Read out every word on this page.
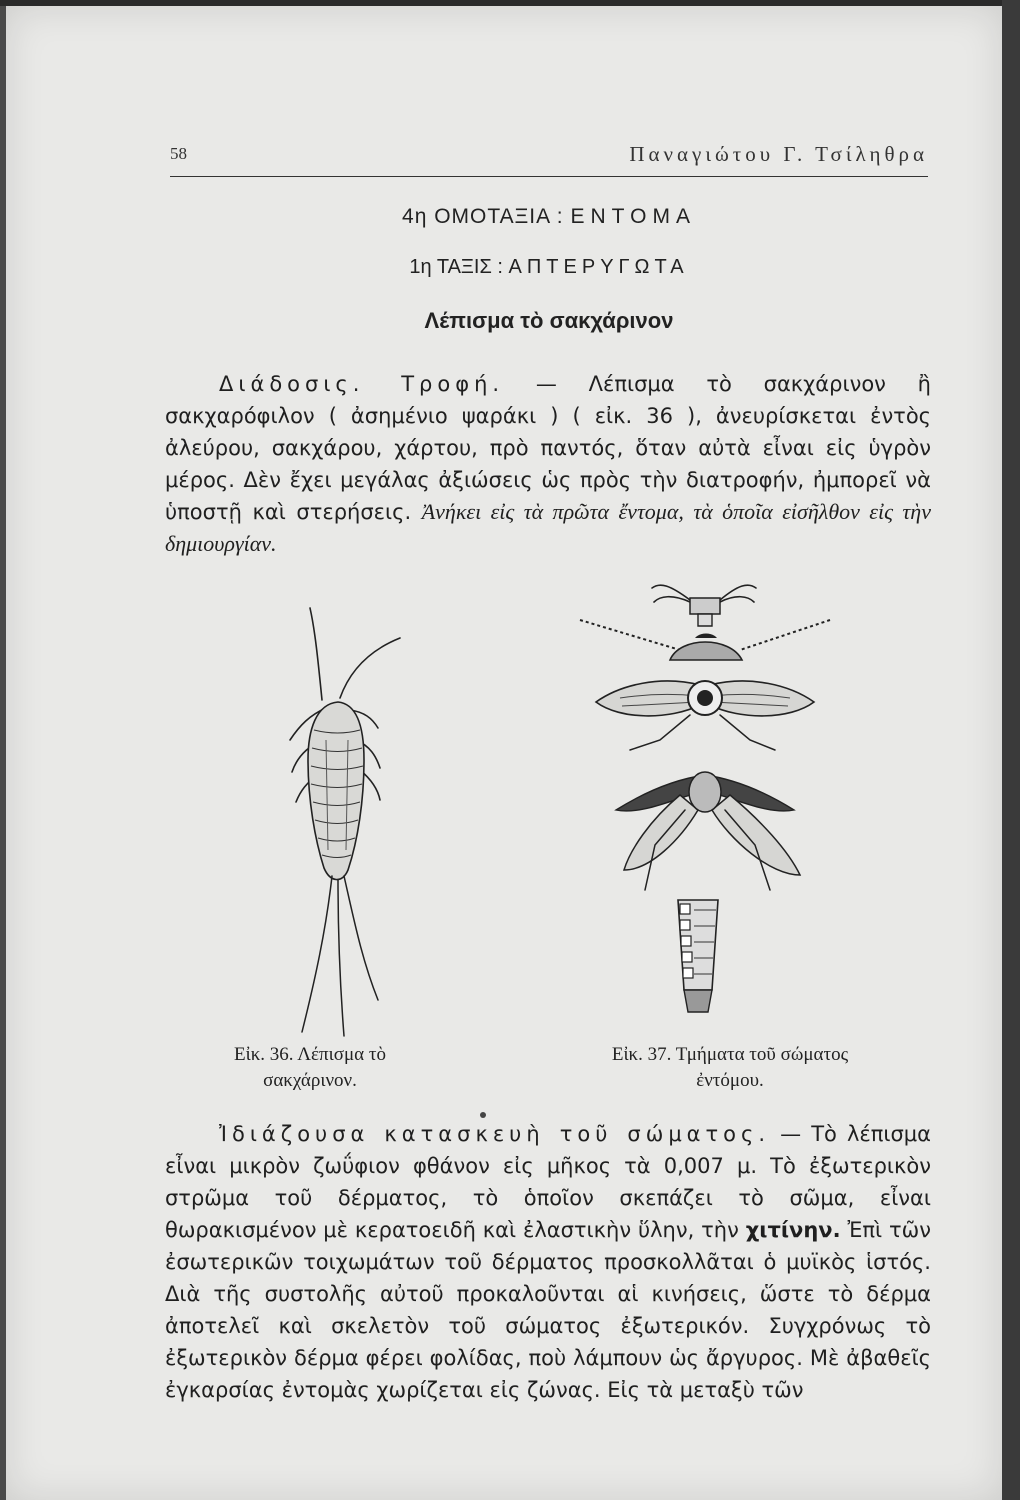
58	Παναγιώτου Γ. Τσίληθρα
4η ΟΜΟΤΑΞΙΑ : ΕΝΤΟΜΑ
1η ΤΑΞΙΣ : ΑΠΤΕΡΥΓΩΤΑ
Λέπισμα τὸ σακχάρινον
Διάδοσις. Τροφή. — Λέπισμα τὸ σακχάρινον ἢ σακχαρόφιλον ( ἀσημένιο ψαράκι ) ( εἰκ. 36 ), ἀνευρίσκεται ἐντὸς ἀλεύρου, σακχάρου, χάρτου, πρὸ παντός, ὅταν αὐτὰ εἶναι εἰς ὑγρὸν μέρος. Δὲν ἔχει μεγάλας ἀξιώσεις ὡς πρὸς τὴν διατροφήν, ἠμπορεῖ νὰ ὑποστῇ καὶ στερήσεις. Ἀνήκει εἰς τὰ πρῶτα ἔντομα, τὰ ὁποῖα εἰσῆλθον εἰς τὴν δημιουργίαν.
Εἰκ. 36. Λέπισμα τὸ
σακχάρινον.
Εἰκ. 37. Τμήματα τοῦ σώματος
ἐντόμου.
Ἰδιάζουσα κατασκευὴ τοῦ σώματος. — Τὸ λέπισμα εἶναι μικρὸν ζωΰφιον φθάνον εἰς μῆκος τὰ 0,007 μ. Τὸ ἐξωτερικὸν στρῶμα τοῦ δέρματος, τὸ ὁποῖον σκεπάζει τὸ σῶμα, εἶναι θωρακισμένον μὲ κερατοειδῆ καὶ ἐλαστικὴν ὕλην, τὴν χιτίνην. Ἐπὶ τῶν ἐσωτερικῶν τοιχωμάτων τοῦ δέρματος προσκολλᾶται ὁ μυϊκὸς ἱστός. Διὰ τῆς συστολῆς αὐτοῦ προκαλοῦνται αἱ κινήσεις, ὥστε τὸ δέρμα ἀποτελεῖ καὶ σκελετὸν τοῦ σώματος ἐξωτερικόν. Συγχρόνως τὸ ἐξωτερικὸν δέρμα φέρει φολίδας, ποὺ λάμπουν ὡς ἄργυρος. Μὲ ἀβαθεῖς ἐγκαρσίας ἐντομὰς χωρίζεται εἰς ζώνας. Εἰς τὰ μεταξὺ τῶν
